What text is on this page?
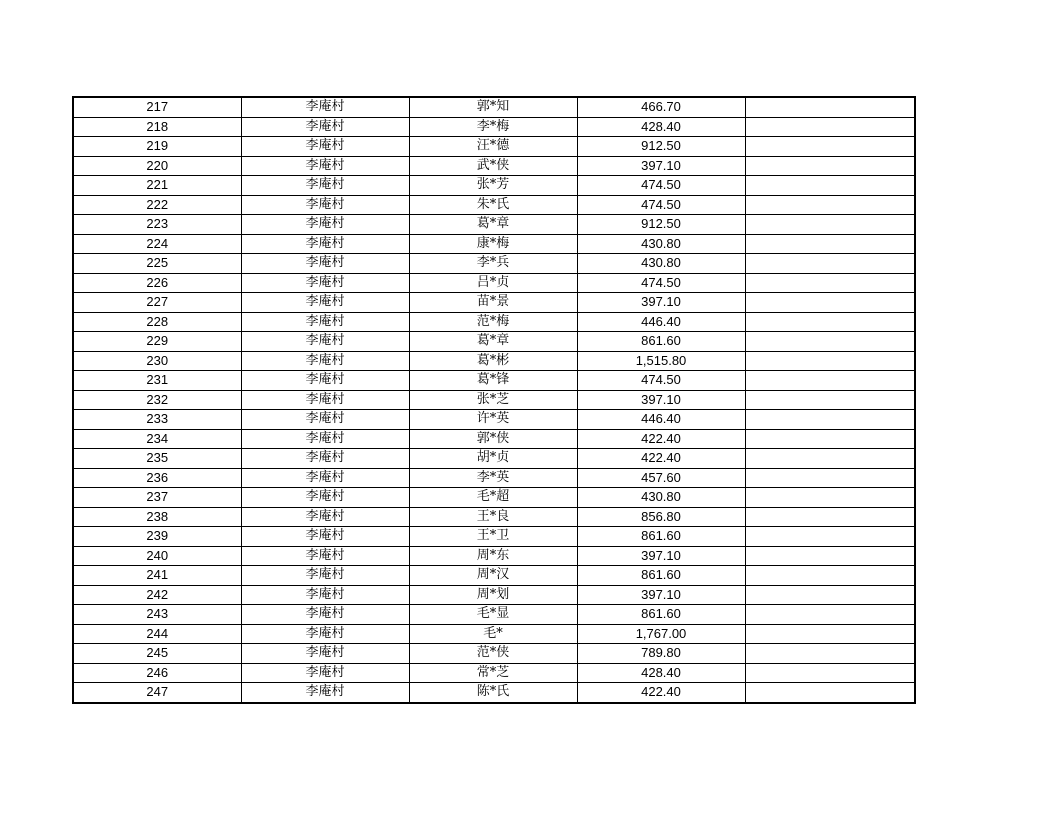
217	李庵村	郭*知	466.70	
218	李庵村	李*梅	428.40	
219	李庵村	汪*德	912.50	
220	李庵村	武*侠	397.10	
221	李庵村	张*芳	474.50	
222	李庵村	朱*氏	474.50	
223	李庵村	葛*章	912.50	
224	李庵村	康*梅	430.80	
225	李庵村	李*兵	430.80	
226	李庵村	吕*贞	474.50	
227	李庵村	苗*景	397.10	
228	李庵村	范*梅	446.40	
229	李庵村	葛*章	861.60	
230	李庵村	葛*彬	1,515.80	
231	李庵村	葛*锋	474.50	
232	李庵村	张*芝	397.10	
233	李庵村	许*英	446.40	
234	李庵村	郭*侠	422.40	
235	李庵村	胡*贞	422.40	
236	李庵村	李*英	457.60	
237	李庵村	毛*超	430.80	
238	李庵村	王*良	856.80	
239	李庵村	王*卫	861.60	
240	李庵村	周*东	397.10	
241	李庵村	周*汉	861.60	
242	李庵村	周*划	397.10	
243	李庵村	毛*显	861.60	
244	李庵村	毛*	1,767.00	
245	李庵村	范*侠	789.80	
246	李庵村	常*芝	428.40	
247	李庵村	陈*氏	422.40	
